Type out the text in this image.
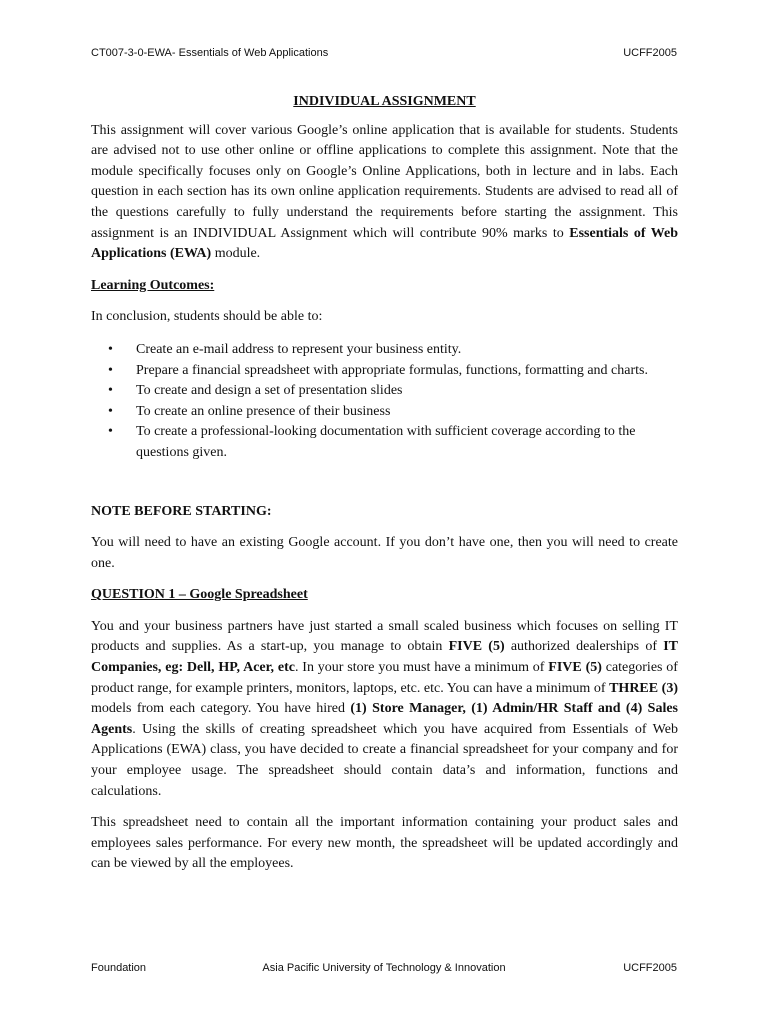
CT007-3-0-EWA- Essentials of Web Applications	UCFF2005
INDIVIDUAL ASSIGNMENT

This assignment will cover various Google’s online application that is available for students. Students are advised not to use other online or offline applications to complete this assignment. Note that the module specifically focuses only on Google’s Online Applications, both in lecture and in labs. Each question in each section has its own online application requirements. Students are advised to read all of the questions carefully to fully understand the requirements before starting the assignment. This assignment is an INDIVIDUAL Assignment which will contribute 90% marks to Essentials of Web Applications (EWA) module.

Learning Outcomes:

In conclusion, students should be able to:

• Create an e-mail address to represent your business entity.
• Prepare a financial spreadsheet with appropriate formulas, functions, formatting and charts.
• To create and design a set of presentation slides
• To create an online presence of their business
• To create a professional-looking documentation with sufficient coverage according to the questions given.
NOTE BEFORE STARTING:

You will need to have an existing Google account. If you don’t have one, then you will need to create one.

QUESTION 1 – Google Spreadsheet

You and your business partners have just started a small scaled business which focuses on selling IT products and supplies. As a start-up, you manage to obtain FIVE (5) authorized dealerships of IT Companies, eg: Dell, HP, Acer, etc. In your store you must have a minimum of FIVE (5) categories of product range, for example printers, monitors, laptops, etc. etc. You can have a minimum of THREE (3) models from each category. You have hired (1) Store Manager, (1) Admin/HR Staff and (4) Sales Agents. Using the skills of creating spreadsheet which you have acquired from Essentials of Web Applications (EWA) class, you have decided to create a financial spreadsheet for your company and for your employee usage. The spreadsheet should contain data’s and information, functions and calculations.

This spreadsheet need to contain all the important information containing your product sales and employees sales performance. For every new month, the spreadsheet will be updated accordingly and can be viewed by all the employees.

Foundation	Asia Pacific University of Technology & Innovation	UCFF2005
